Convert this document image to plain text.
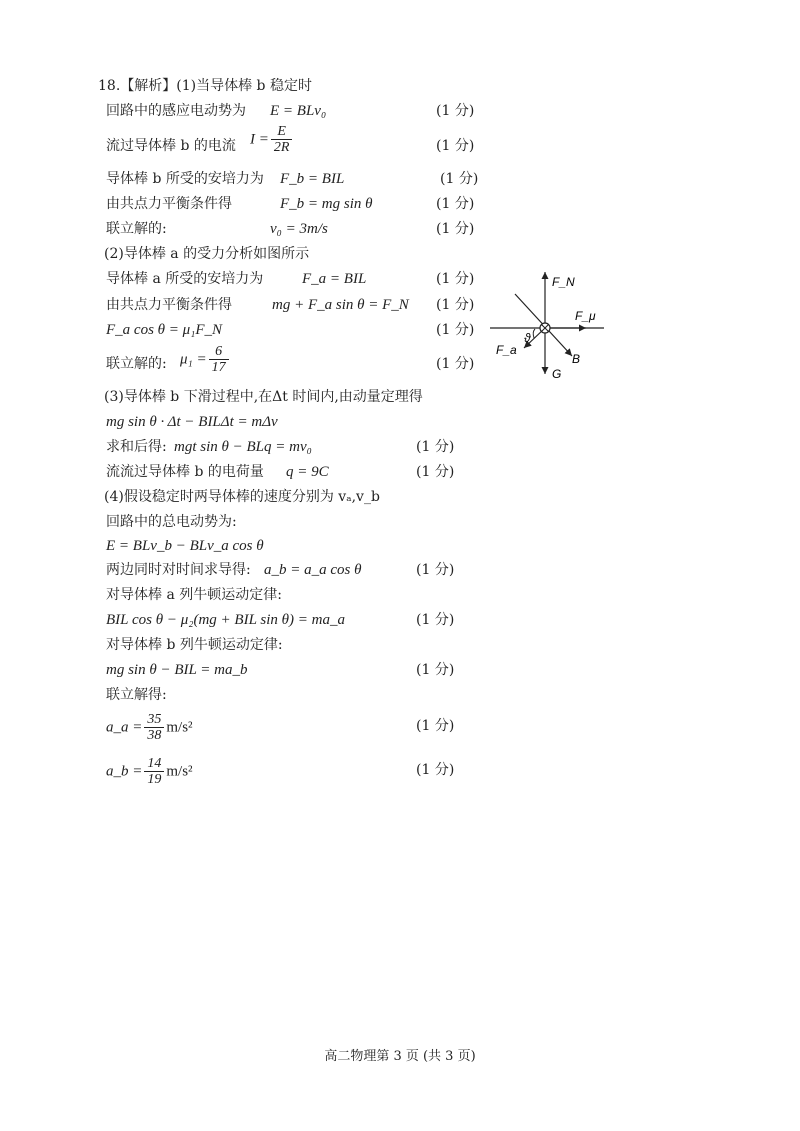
18.【解析】(1)当导体棒 b 稳定时
回路中的感应电动势为 E = BLv₀	(1 分)
流过导体棒 b 的电流 $I = \frac{E}{2R}$	(1 分)
导体棒 b 所受的安培力为 F_b = BIL	(1 分)
由共点力平衡条件得	F_b = mg sin θ	(1 分)
联立解的:	v₀ = 3m/s	(1 分)
(2)导体棒 a 的受力分析如图所示
导体棒 a 所受的安培力为	F_a = BIL	(1 分)
由共点力平衡条件得	mg + F_a sin θ = F_N (1 分)
F_a cos θ = μ₁F_N	(1 分)
联立解的: $\mu_1 = \frac{6}{17}$	(1 分)
(3)导体棒 b 下滑过程中,在Δt 时间内,由动量定理得
mg sin θ · Δt − BILΔt = mΔv
求和后得: mgt sin θ − BLq = mv₀	(1 分)
流流过导体棒 b 的电荷量 q = 9C	(1 分)
(4)假设稳定时两导体棒的速度分别为 vₐ,v_b
回路中的总电动势为:
E = BLv_b − BLv_a cos θ
两边同时对时间求导得: a_b = a_a cos θ	(1 分)
对导体棒 a 列牛顿运动定律:
BIL cos θ − μ₂(mg + BIL sin θ) = ma_a	(1 分)
对导体棒 b 列牛顿运动定律:
mg sin θ − BIL = ma_b	(1 分)
联立解得:
a_a = $\frac{35}{38} m/s^2$	(1 分)
a_b = $\frac{14}{19} m/s^2$	(1 分)
F_N
F_μ
F_a
B
G
ϑ
高二物理第 3 页 (共 3 页)
